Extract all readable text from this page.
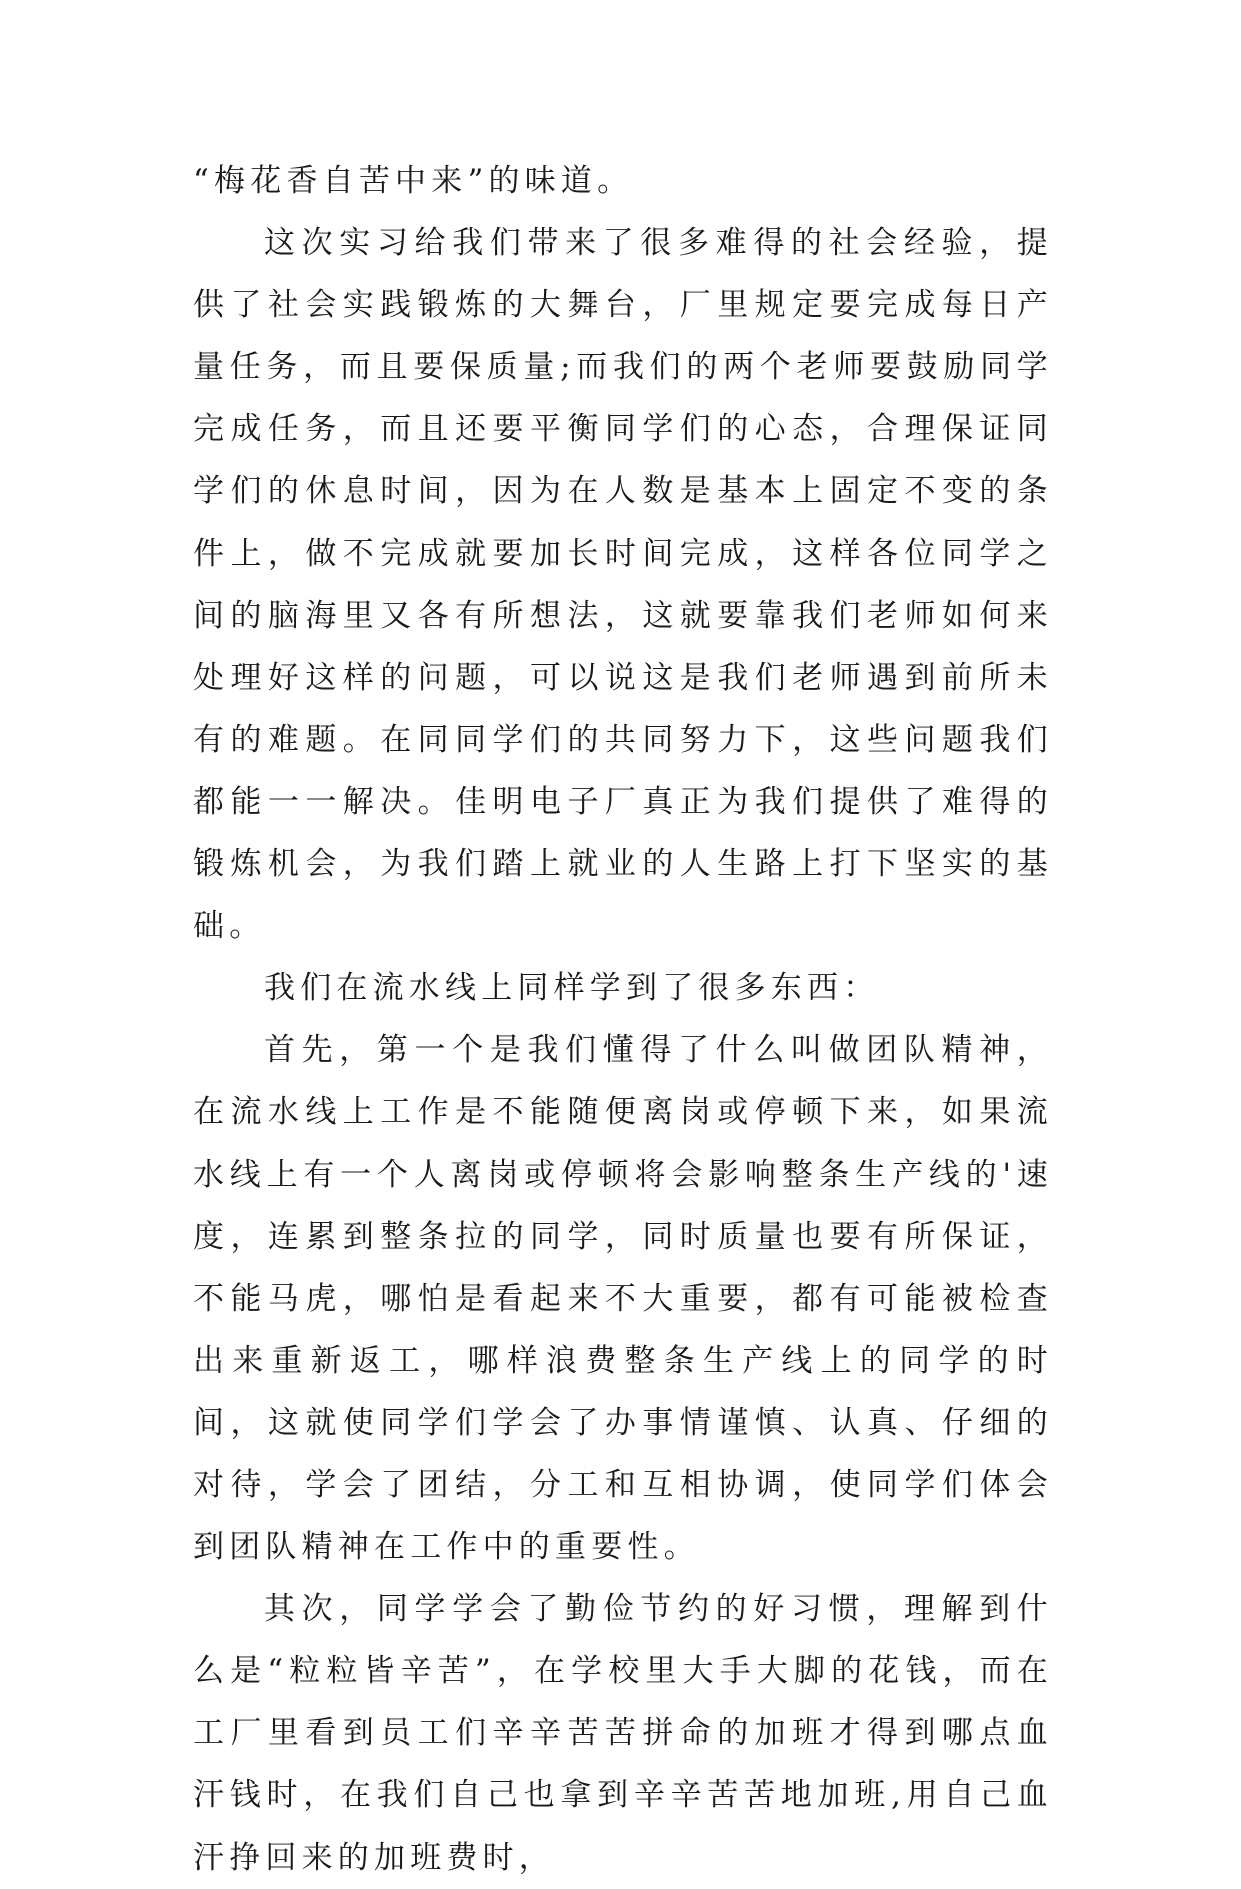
“梅花香自苦中来”的味道。

这次实习给我们带来了很多难得的社会经验，提供了社会实践锻炼的大舞台，厂里规定要完成每日产量任务，而且要保质量;而我们的两个老师要鼓励同学完成任务，而且还要平衡同学们的心态，合理保证同学们的休息时间，因为在人数是基本上固定不变的条件上，做不完成就要加长时间完成，这样各位同学之间的脑海里又各有所想法，这就要靠我们老师如何来处理好这样的问题，可以说这是我们老师遇到前所未有的难题。在同同学们的共同努力下，这些问题我们都能一一解决。佳明电子厂真正为我们提供了难得的锻炼机会，为我们踏上就业的人生路上打下坚实的基础。

我们在流水线上同样学到了很多东西：

首先，第一个是我们懂得了什么叫做团队精神，在流水线上工作是不能随便离岗或停顿下来，如果流水线上有一个人离岗或停顿将会影响整条生产线的'速度，连累到整条拉的同学，同时质量也要有所保证，不能马虎，哪怕是看起来不大重要，都有可能被检查出来重新返工，哪样浪费整条生产线上的同学的时间，这就使同学们学会了办事情谨慎、认真、仔细的对待，学会了团结，分工和互相协调，使同学们体会到团队精神在工作中的重要性。

其次，同学学会了勤俭节约的好习惯，理解到什么是“粒粒皆辛苦”，在学校里大手大脚的花钱，而在工厂里看到员工们辛辛苦苦拼命的加班才得到哪点血汗钱时，在我们自己也拿到辛辛苦苦地加班,用自己血汗挣回来的加班费时，
